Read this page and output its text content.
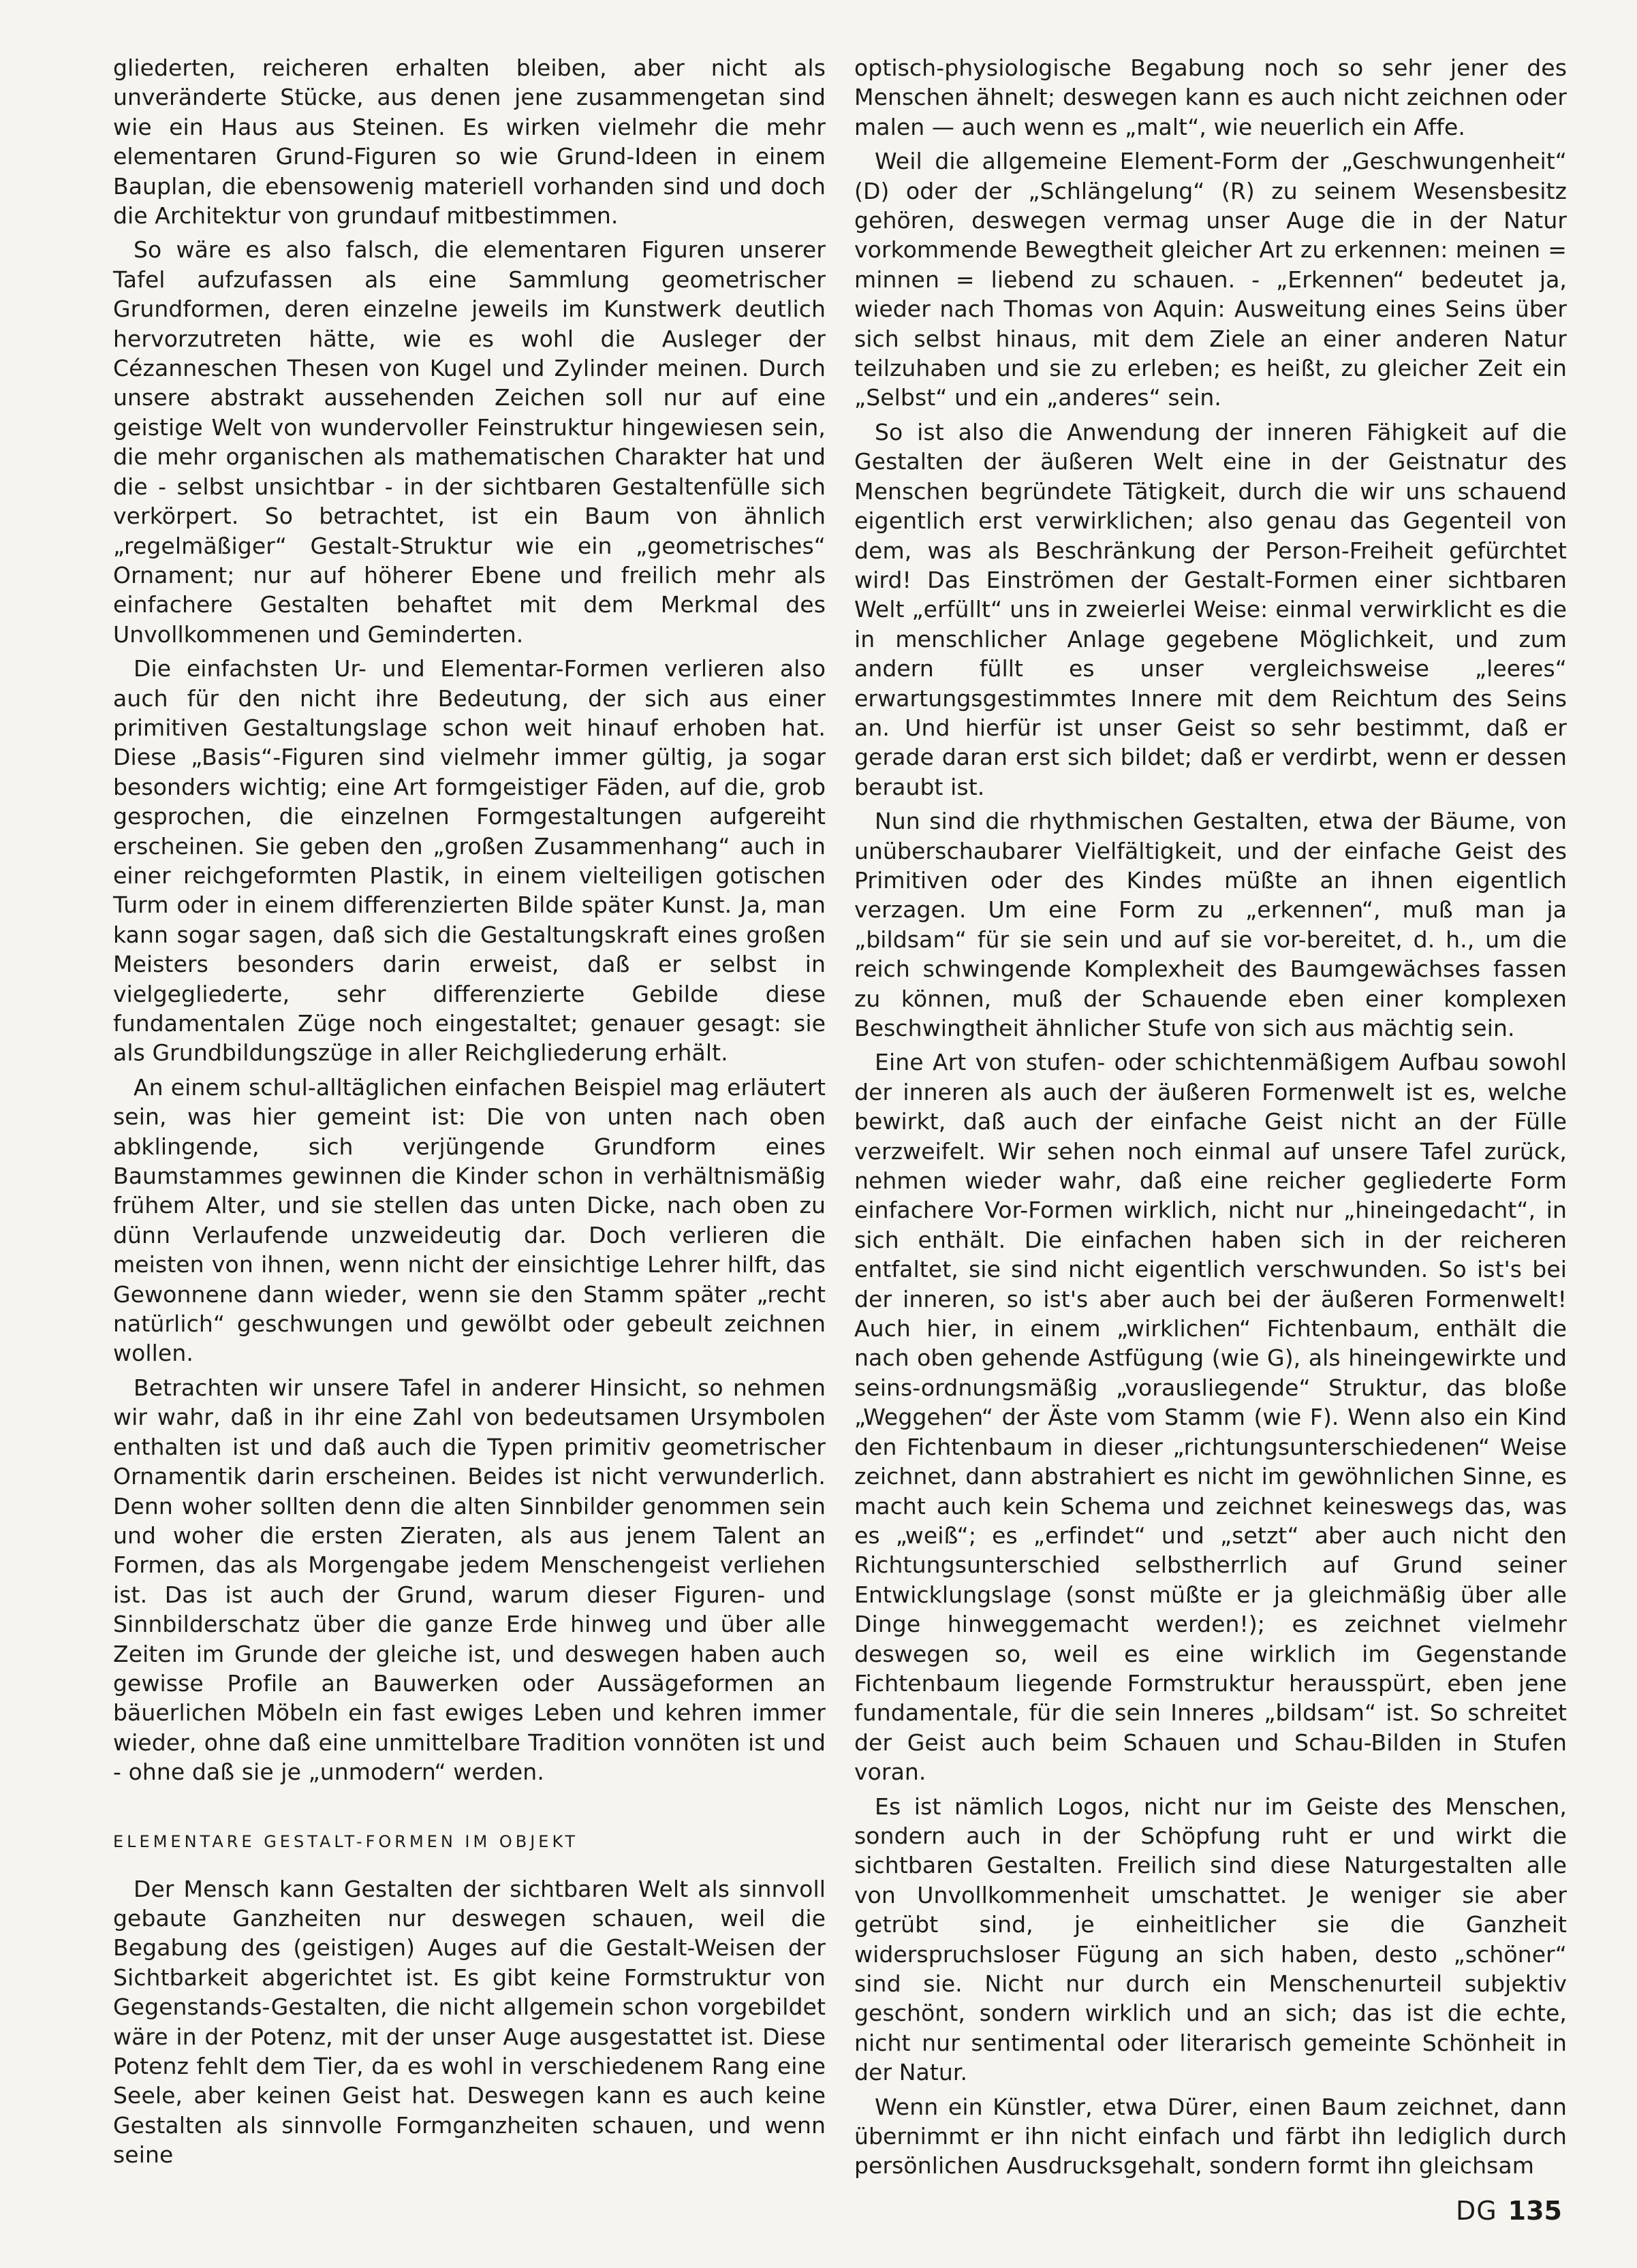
gliederten, reicheren erhalten bleiben, aber nicht als unveränderte Stücke, aus denen jene zusammengetan sind wie ein Haus aus Steinen. Es wirken vielmehr die mehr elementaren Grund-Figuren so wie Grund-Ideen in einem Bauplan, die ebensowenig materiell vorhanden sind und doch die Architektur von grundauf mitbestimmen.

So wäre es also falsch, die elementaren Figuren unserer Tafel aufzufassen als eine Sammlung geometrischer Grundformen, deren einzelne jeweils im Kunstwerk deutlich hervorzutreten hätte, wie es wohl die Ausleger der Cézanneschen Thesen von Kugel und Zylinder meinen. Durch unsere abstrakt aussehenden Zeichen soll nur auf eine geistige Welt von wundervoller Feinstruktur hingewiesen sein, die mehr organischen als mathematischen Charakter hat und die - selbst unsichtbar - in der sichtbaren Gestaltenfülle sich verkörpert. So betrachtet, ist ein Baum von ähnlich „regelmäßiger“ Gestalt-Struktur wie ein „geometrisches“ Ornament; nur auf höherer Ebene und freilich mehr als einfachere Gestalten behaftet mit dem Merkmal des Unvollkommenen und Geminderten.

Die einfachsten Ur- und Elementar-Formen verlieren also auch für den nicht ihre Bedeutung, der sich aus einer primitiven Gestaltungslage schon weit hinauf erhoben hat. Diese „Basis“-Figuren sind vielmehr immer gültig, ja sogar besonders wichtig; eine Art formgeistiger Fäden, auf die, grob gesprochen, die einzelnen Formgestaltungen aufgereiht erscheinen. Sie geben den „großen Zusammenhang“ auch in einer reichgeformten Plastik, in einem vielteiligen gotischen Turm oder in einem differenzierten Bilde später Kunst. Ja, man kann sogar sagen, daß sich die Gestaltungskraft eines großen Meisters besonders darin erweist, daß er selbst in vielgegliederte, sehr differenzierte Gebilde diese fundamentalen Züge noch eingestaltet; genauer gesagt: sie als Grundbildungszüge in aller Reichgliederung erhält.

An einem schul-alltäglichen einfachen Beispiel mag erläutert sein, was hier gemeint ist: Die von unten nach oben abklingende, sich verjüngende Grundform eines Baumstammes gewinnen die Kinder schon in verhältnismäßig frühem Alter, und sie stellen das unten Dicke, nach oben zu dünn Verlaufende unzweideutig dar. Doch verlieren die meisten von ihnen, wenn nicht der einsichtige Lehrer hilft, das Gewonnene dann wieder, wenn sie den Stamm später „recht natürlich“ geschwungen und gewölbt oder gebeult zeichnen wollen.

Betrachten wir unsere Tafel in anderer Hinsicht, so nehmen wir wahr, daß in ihr eine Zahl von bedeutsamen Ursymbolen enthalten ist und daß auch die Typen primitiv geometrischer Ornamentik darin erscheinen. Beides ist nicht verwunderlich. Denn woher sollten denn die alten Sinnbilder genommen sein und woher die ersten Zieraten, als aus jenem Talent an Formen, das als Morgengabe jedem Menschengeist verliehen ist. Das ist auch der Grund, warum dieser Figuren- und Sinnbilderschatz über die ganze Erde hinweg und über alle Zeiten im Grunde der gleiche ist, und deswegen haben auch gewisse Profile an Bauwerken oder Aussägeformen an bäuerlichen Möbeln ein fast ewiges Leben und kehren immer wieder, ohne daß eine unmittelbare Tradition vonnöten ist und - ohne daß sie je „unmodern“ werden.

ELEMENTARE GESTALT-FORMEN IM OBJEKT

Der Mensch kann Gestalten der sichtbaren Welt als sinnvoll gebaute Ganzheiten nur deswegen schauen, weil die Begabung des (geistigen) Auges auf die Gestalt-Weisen der Sichtbarkeit abgerichtet ist. Es gibt keine Formstruktur von Gegenstands-Gestalten, die nicht allgemein schon vorgebildet wäre in der Potenz, mit der unser Auge ausgestattet ist. Diese Potenz fehlt dem Tier, da es wohl in verschiedenem Rang eine Seele, aber keinen Geist hat. Deswegen kann es auch keine Gestalten als sinnvolle Formganzheiten schauen, und wenn seine

optisch-physiologische Begabung noch so sehr jener des Menschen ähnelt; deswegen kann es auch nicht zeichnen oder malen — auch wenn es „malt“, wie neuerlich ein Affe.

Weil die allgemeine Element-Form der „Geschwungenheit“ (D) oder der „Schlängelung“ (R) zu seinem Wesensbesitz gehören, deswegen vermag unser Auge die in der Natur vorkommende Bewegtheit gleicher Art zu erkennen: meinen = minnen = liebend zu schauen. - „Erkennen“ bedeutet ja, wieder nach Thomas von Aquin: Ausweitung eines Seins über sich selbst hinaus, mit dem Ziele an einer anderen Natur teilzuhaben und sie zu erleben; es heißt, zu gleicher Zeit ein „Selbst“ und ein „anderes“ sein.

So ist also die Anwendung der inneren Fähigkeit auf die Gestalten der äußeren Welt eine in der Geistnatur des Menschen begründete Tätigkeit, durch die wir uns schauend eigentlich erst verwirklichen; also genau das Gegenteil von dem, was als Beschränkung der Person-Freiheit gefürchtet wird! Das Einströmen der Gestalt-Formen einer sichtbaren Welt „erfüllt“ uns in zweierlei Weise: einmal verwirklicht es die in menschlicher Anlage gegebene Möglichkeit, und zum andern füllt es unser vergleichsweise „leeres“ erwartungsgestimmtes Innere mit dem Reichtum des Seins an. Und hierfür ist unser Geist so sehr bestimmt, daß er gerade daran erst sich bildet; daß er verdirbt, wenn er dessen beraubt ist.

Nun sind die rhythmischen Gestalten, etwa der Bäume, von unüberschaubarer Vielfältigkeit, und der einfache Geist des Primitiven oder des Kindes müßte an ihnen eigentlich verzagen. Um eine Form zu „erkennen“, muß man ja „bildsam“ für sie sein und auf sie vor-bereitet, d. h., um die reich schwingende Komplexheit des Baumgewächses fassen zu können, muß der Schauende eben einer komplexen Beschwingtheit ähnlicher Stufe von sich aus mächtig sein.

Eine Art von stufen- oder schichtenmäßigem Aufbau sowohl der inneren als auch der äußeren Formenwelt ist es, welche bewirkt, daß auch der einfache Geist nicht an der Fülle verzweifelt. Wir sehen noch einmal auf unsere Tafel zurück, nehmen wieder wahr, daß eine reicher gegliederte Form einfachere Vor-Formen wirklich, nicht nur „hineingedacht“, in sich enthält. Die einfachen haben sich in der reicheren entfaltet, sie sind nicht eigentlich verschwunden. So ist's bei der inneren, so ist's aber auch bei der äußeren Formenwelt! Auch hier, in einem „wirklichen“ Fichtenbaum, enthält die nach oben gehende Astfügung (wie G), als hineingewirkte und seins-ordnungsmäßig „vorausliegende“ Struktur, das bloße „Weggehen“ der Äste vom Stamm (wie F). Wenn also ein Kind den Fichtenbaum in dieser „richtungsunterschiedenen“ Weise zeichnet, dann abstrahiert es nicht im gewöhnlichen Sinne, es macht auch kein Schema und zeichnet keineswegs das, was es „weiß“; es „erfindet“ und „setzt“ aber auch nicht den Richtungsunterschied selbstherrlich auf Grund seiner Entwicklungslage (sonst müßte er ja gleichmäßig über alle Dinge hinweggemacht werden!); es zeichnet vielmehr deswegen so, weil es eine wirklich im Gegenstande Fichtenbaum liegende Formstruktur herausspürt, eben jene fundamentale, für die sein Inneres „bildsam“ ist. So schreitet der Geist auch beim Schauen und Schau-Bilden in Stufen voran.

Es ist nämlich Logos, nicht nur im Geiste des Menschen, sondern auch in der Schöpfung ruht er und wirkt die sichtbaren Gestalten. Freilich sind diese Naturgestalten alle von Unvollkommenheit umschattet. Je weniger sie aber getrübt sind, je einheitlicher sie die Ganzheit widerspruchsloser Fügung an sich haben, desto „schöner“ sind sie. Nicht nur durch ein Menschenurteil subjektiv geschönt, sondern wirklich und an sich; das ist die echte, nicht nur sentimental oder literarisch gemeinte Schönheit in der Natur.

Wenn ein Künstler, etwa Dürer, einen Baum zeichnet, dann übernimmt er ihn nicht einfach und färbt ihn lediglich durch persönlichen Ausdrucksgehalt, sondern formt ihn gleichsam

DG 135
